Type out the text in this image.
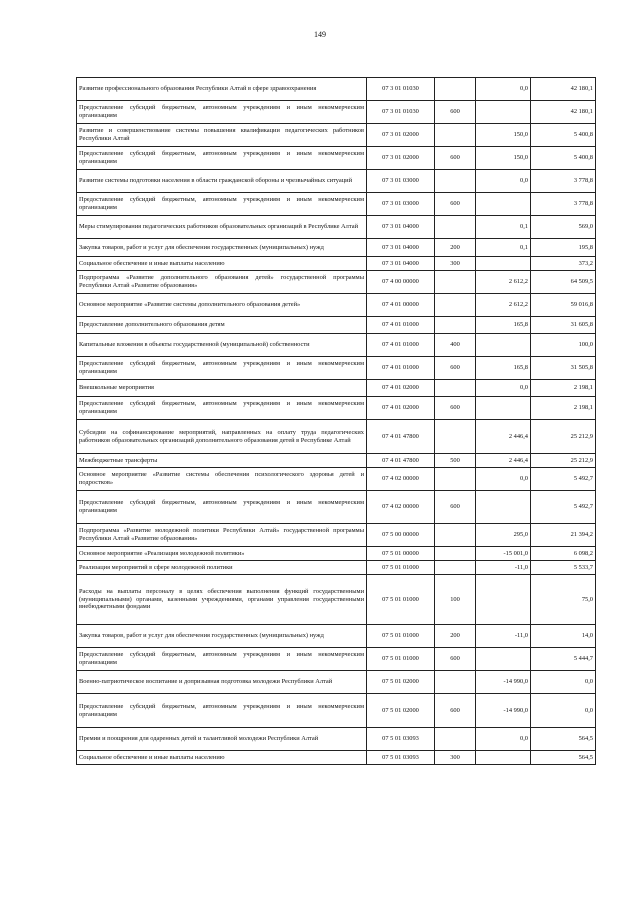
149
Развитие профессионального образования Республики Алтай в сфере здравоохранения	07 3 01 01030		0,0	42 180,1
Предоставление субсидий бюджетным, автономным учреждениям и иным некоммерческим организациям	07 3 01 01030	600		42 180,1
Развитие и совершенствование системы повышения квалификации педагогических работников Республики Алтай	07 3 01 02000		150,0	5 400,8
Предоставление субсидий бюджетным, автономным учреждениям и иным некоммерческим организациям	07 3 01 02000	600	150,0	5 400,8
Развитие системы подготовки населения в области гражданской обороны и чрезвычайных ситуаций	07 3 01 03000		0,0	3 778,8
Предоставление субсидий бюджетным, автономным учреждениям и иным некоммерческим организациям	07 3 01 03000	600		3 778,8
Меры стимулирования педагогических работников образовательных организаций в Республике Алтай	07 3 01 04000		0,1	569,0
Закупка товаров, работ и услуг для обеспечения государственных (муниципальных) нужд	07 3 01 04000	200	0,1	195,8
Социальное обеспечение и иные выплаты населению	07 3 01 04000	300		373,2
Подпрограмма «Развитие дополнительного образования детей» государственной программы Республики Алтай «Развитие образования»	07 4 00 00000		2 612,2	64 509,5
Основное мероприятие «Развитие системы дополнительного образования детей»	07 4 01 00000		2 612,2	59 016,8
Предоставление дополнительного образования детям	07 4 01 01000		165,8	31 605,8
Капитальные вложения в объекты государственной (муниципальной) собственности	07 4 01 01000	400		100,0
Предоставление субсидий бюджетным, автономным учреждениям и иным некоммерческим организациям	07 4 01 01000	600	165,8	31 505,8
Внешкольные мероприятия	07 4 01 02000		0,0	2 198,1
Предоставление субсидий бюджетным, автономным учреждениям и иным некоммерческим организациям	07 4 01 02000	600		2 198,1
Субсидии на софинансирование мероприятий, направленных на оплату труда педагогических работников образовательных организаций дополнительного образования детей в Республике Алтай	07 4 01 47800		2 446,4	25 212,9
Межбюджетные трансферты	07 4 01 47800	500	2 446,4	25 212,9
Основное мероприятие «Развитие системы обеспечения психологического здоровья детей и подростков»	07 4 02 00000		0,0	5 492,7
Предоставление субсидий бюджетным, автономным учреждениям и иным некоммерческим организациям	07 4 02 00000	600		5 492,7
Подпрограмма «Развитие молодежной политики Республики Алтай» государственной программы Республики Алтай «Развитие образования»	07 5 00 00000		295,0	21 394,2
Основное мероприятие «Реализация молодежной политики»	07 5 01 00000		-15 001,0	6 098,2
Реализация мероприятий в сфере молодежной политики	07 5 01 01000		-11,0	5 533,7
Расходы на выплаты персоналу в целях обеспечения выполнения функций государственными (муниципальными) органами, казенными учреждениями, органами управления государственными внебюджетными фондами	07 5 01 01000	100		75,0
Закупка товаров, работ и услуг для обеспечения государственных (муниципальных) нужд	07 5 01 01000	200	-11,0	14,0
Предоставление субсидий бюджетным, автономным учреждениям и иным некоммерческим организациям	07 5 01 01000	600		5 444,7
Военно-патриотическое воспитание и допризывная подготовка молодежи Республики Алтай	07 5 01 02000		-14 990,0	0,0
Предоставление субсидий бюджетным, автономным учреждениям и иным некоммерческим организациям	07 5 01 02000	600	-14 990,0	0,0
Премии и поощрения для одаренных детей и талантливой молодежи Республики Алтай	07 5 01 03093		0,0	564,5
Социальное обеспечение и иные выплаты населению	07 5 01 03093	300		564,5
